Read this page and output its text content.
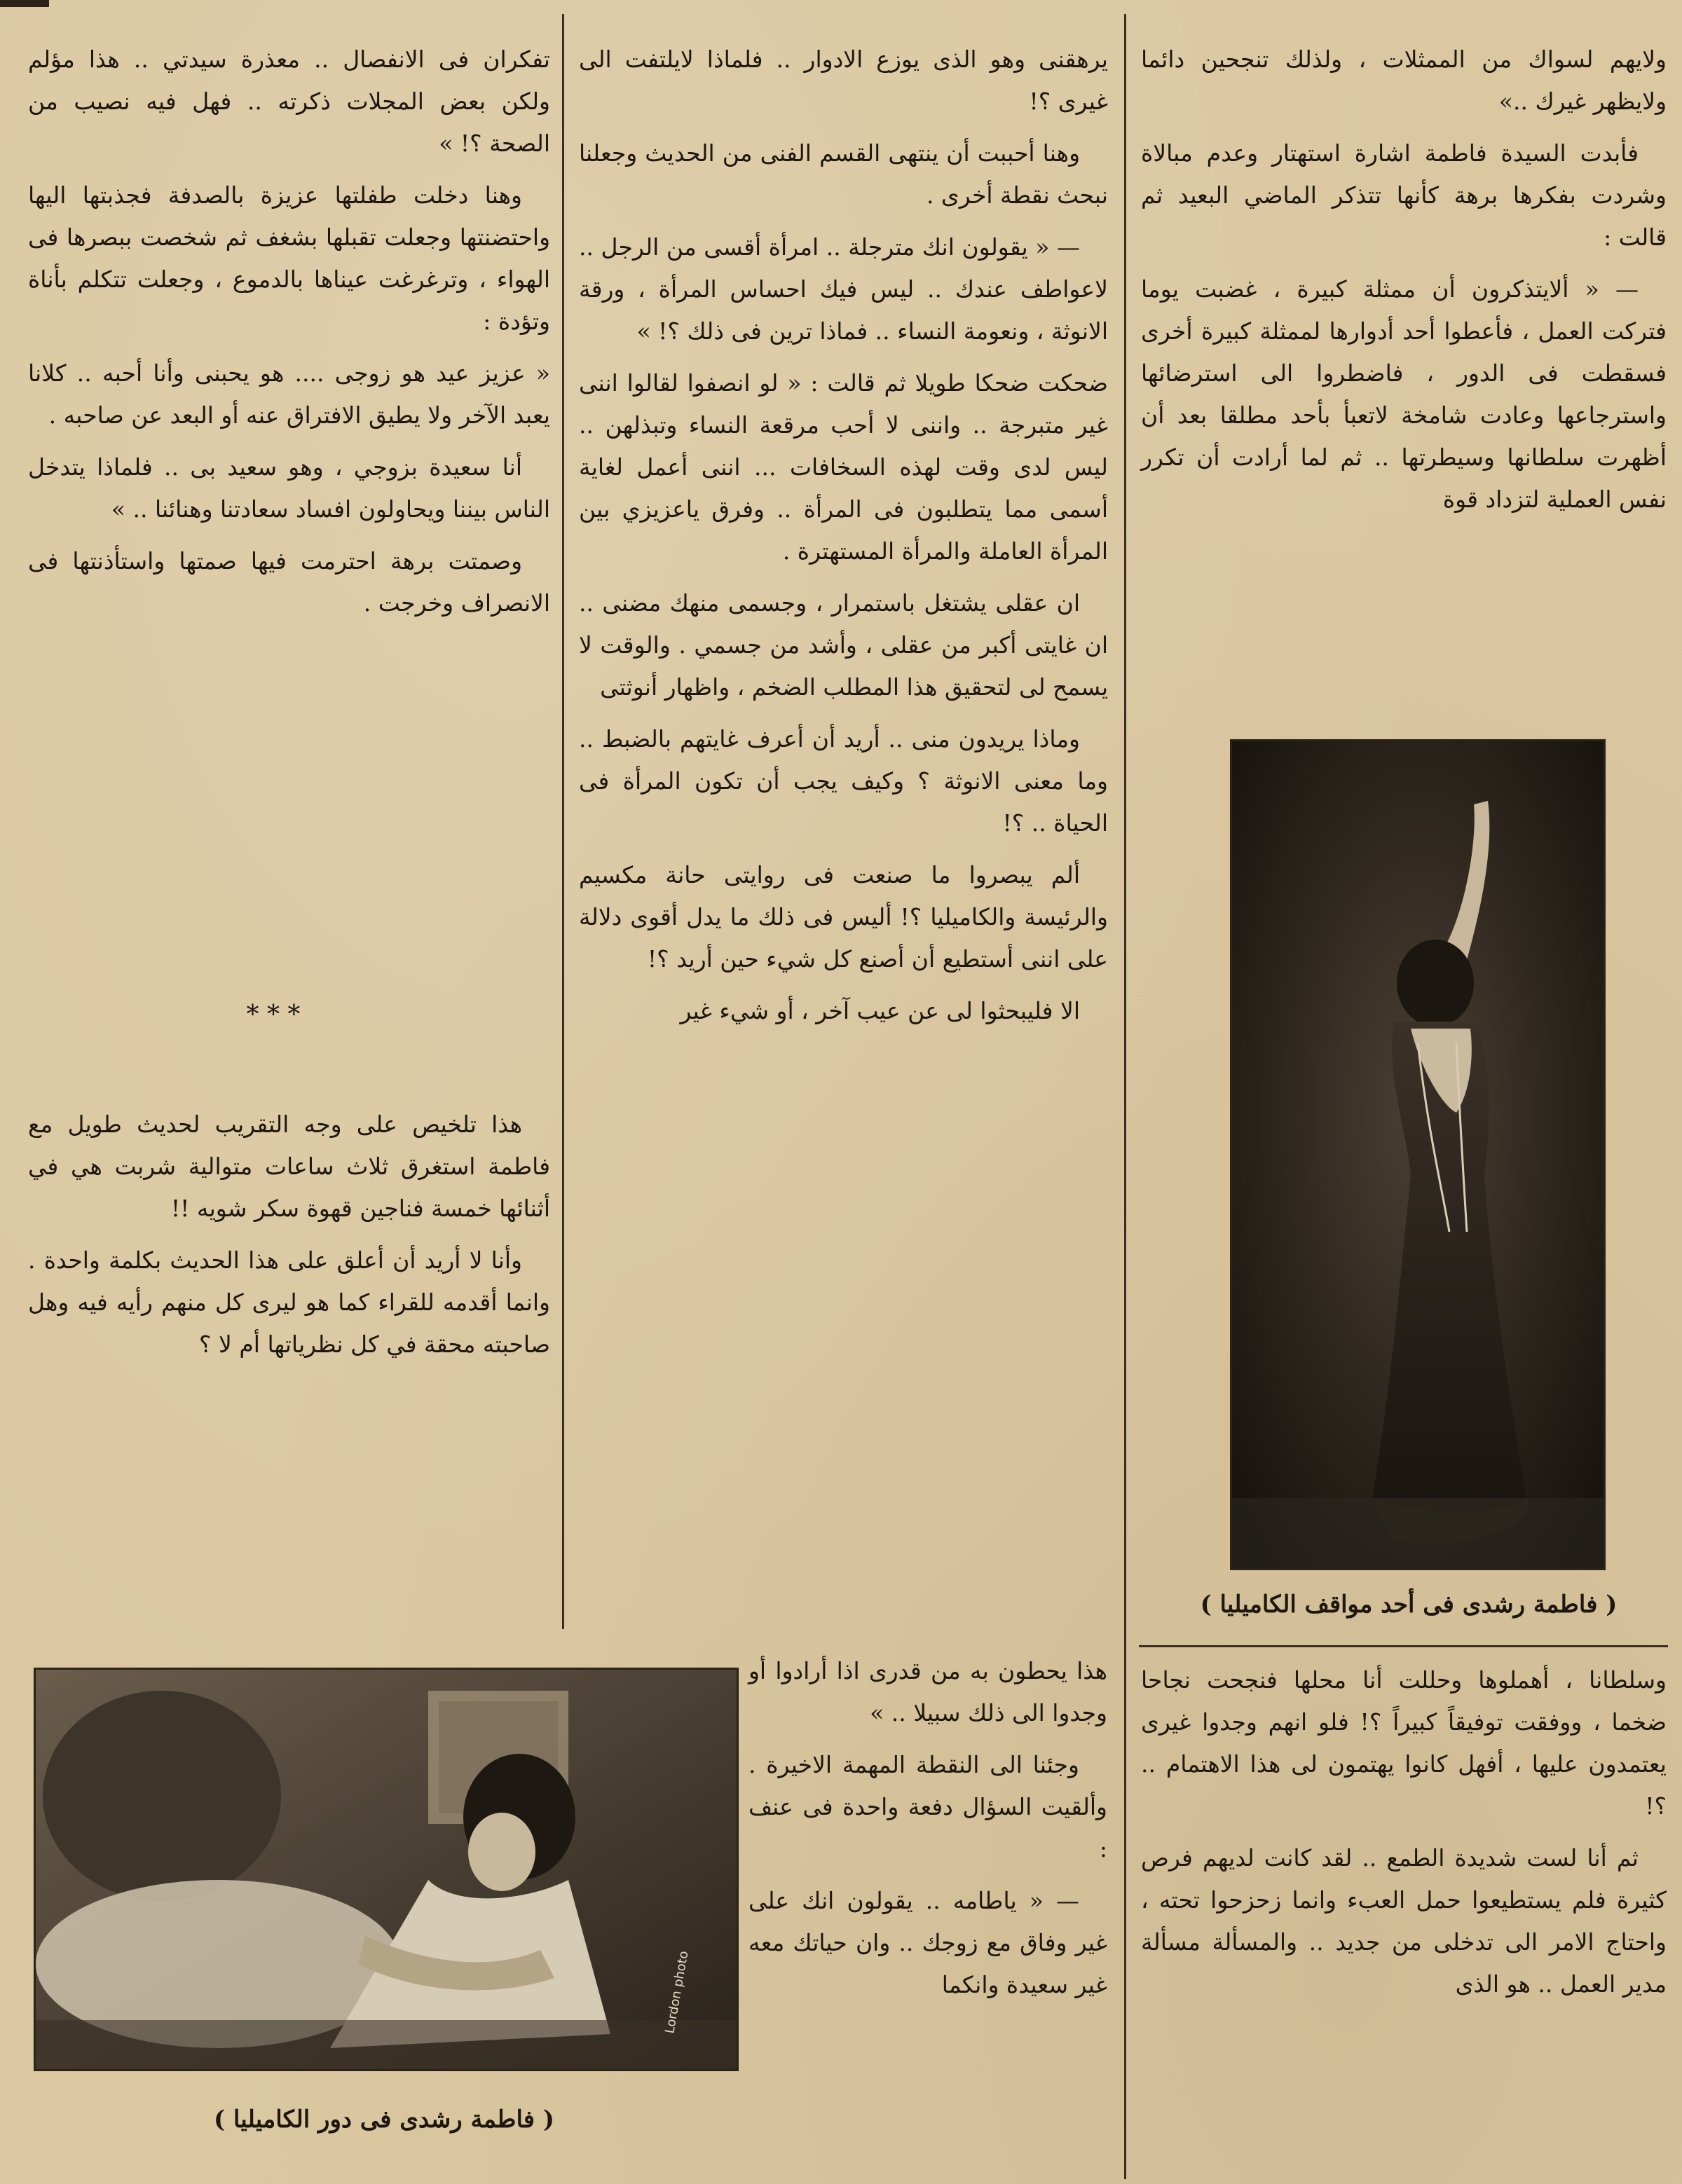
ولايهم لسواك من الممثلات ، ولذلك تنجحين دائما ولايظهر غيرك ..»

فأبدت السيدة فاطمة اشارة استهتار وعدم مبالاة وشردت بفكرها برهة كأنها تتذكر الماضي البعيد ثم قالت :

— « ألايتذكرون أن ممثلة كبيرة ، غضبت يوما فتركت العمل ، فأعطوا أحد أدوارها لممثلة كبيرة أخرى فسقطت فى الدور ، فاضطروا الى استرضائها واسترجاعها وعادت شامخة لاتعبأ بأحد مطلقا بعد أن أظهرت سلطانها وسيطرتها .. ثم لما أرادت أن تكرر نفس العملية لتزداد قوة

( فاطمة رشدى فى أحد مواقف الكاميليا )

وسلطانا ، أهملوها وحللت أنا محلها فنجحت نجاحا ضخما ، ووفقت توفيقاً كبيراً ؟! فلو انهم وجدوا غيرى يعتمدون عليها ، أفهل كانوا يهتمون لى هذا الاهتمام .. ؟!

ثم أنا لست شديدة الطمع .. لقد كانت لديهم فرص كثيرة فلم يستطيعوا حمل العبء وانما زحزحوا تحته ، واحتاج الامر الى تدخلى من جديد .. والمسألة مسألة مدير العمل .. هو الذى

يرهقنى وهو الذى يوزع الادوار .. فلماذا لايلتفت الى غيرى ؟!

وهنا أحببت أن ينتهى القسم الفنى من الحديث وجعلنا نبحث نقطة أخرى .

— « يقولون انك مترجلة .. امرأة أقسى من الرجل .. لاعواطف عندك .. ليس فيك احساس المرأة ، ورقة الانوثة ، ونعومة النساء .. فماذا ترين فى ذلك ؟! »

ضحكت ضحكا طويلا ثم قالت : « لو انصفوا لقالوا اننى غير متبرجة .. واننى لا أحب مرقعة النساء وتبذلهن .. ليس لدى وقت لهذه السخافات ... اننى أعمل لغاية أسمى مما يتطلبون فى المرأة .. وفرق ياعزيزي بين المرأة العاملة والمرأة المستهترة .

ان عقلى يشتغل باستمرار ، وجسمى منهك مضنى .. ان غايتى أكبر من عقلى ، وأشد من جسمي . والوقت لا يسمح لى لتحقيق هذا المطلب الضخم ، واظهار أنوثتى

وماذا يريدون منى .. أريد أن أعرف غايتهم بالضبط .. وما معنى الانوثة ؟ وكيف يجب أن تكون المرأة فى الحياة .. ؟!

ألم يبصروا ما صنعت فى روايتى حانة مكسيم والرئيسة والكاميليا ؟! أليس فى ذلك ما يدل أقوى دلالة على اننى أستطيع أن أصنع كل شيء حين أريد ؟!

الا فليبحثوا لى عن عيب آخر ، أو شيء غير

هذا يحطون به من قدرى اذا أرادوا أو وجدوا الى ذلك سبيلا .. »

وجئنا الى النقطة المهمة الاخيرة . وألقيت السؤال دفعة واحدة فى عنف :

— « ياطامه .. يقولون انك على غير وفاق مع زوجك .. وان حياتك معه غير سعيدة وانكما

تفكران فى الانفصال .. معذرة سيدتي .. هذا مؤلم ولكن بعض المجلات ذكرته .. فهل فيه نصيب من الصحة ؟! »

وهنا دخلت طفلتها عزيزة بالصدفة فجذبتها اليها واحتضنتها وجعلت تقبلها بشغف ثم شخصت ببصرها فى الهواء ، وترغرغت عيناها بالدموع ، وجعلت تتكلم بأناة وتؤدة :

« عزيز عيد هو زوجى .... هو يحبنى وأنا أحبه .. كلانا يعبد الآخر ولا يطيق الافتراق عنه أو البعد عن صاحبه .

أنا سعيدة بزوجي ، وهو سعيد بى .. فلماذا يتدخل الناس بيننا ويحاولون افساد سعادتنا وهنائنا .. »

وصمتت برهة احترمت فيها صمتها واستأذنتها فى الانصراف وخرجت .

* * *

هذا تلخيص على وجه التقريب لحديث طويل مع فاطمة استغرق ثلاث ساعات متوالية شربت هي في أثنائها خمسة فناجين قهوة سكر شويه !!

وأنا لا أريد أن أعلق على هذا الحديث بكلمة واحدة . وانما أقدمه للقراء كما هو ليرى كل منهم رأيه فيه وهل صاحبته محقة في كل نظرياتها أم لا ؟

Lordon photo
( فاطمة رشدى فى دور الكاميليا )
